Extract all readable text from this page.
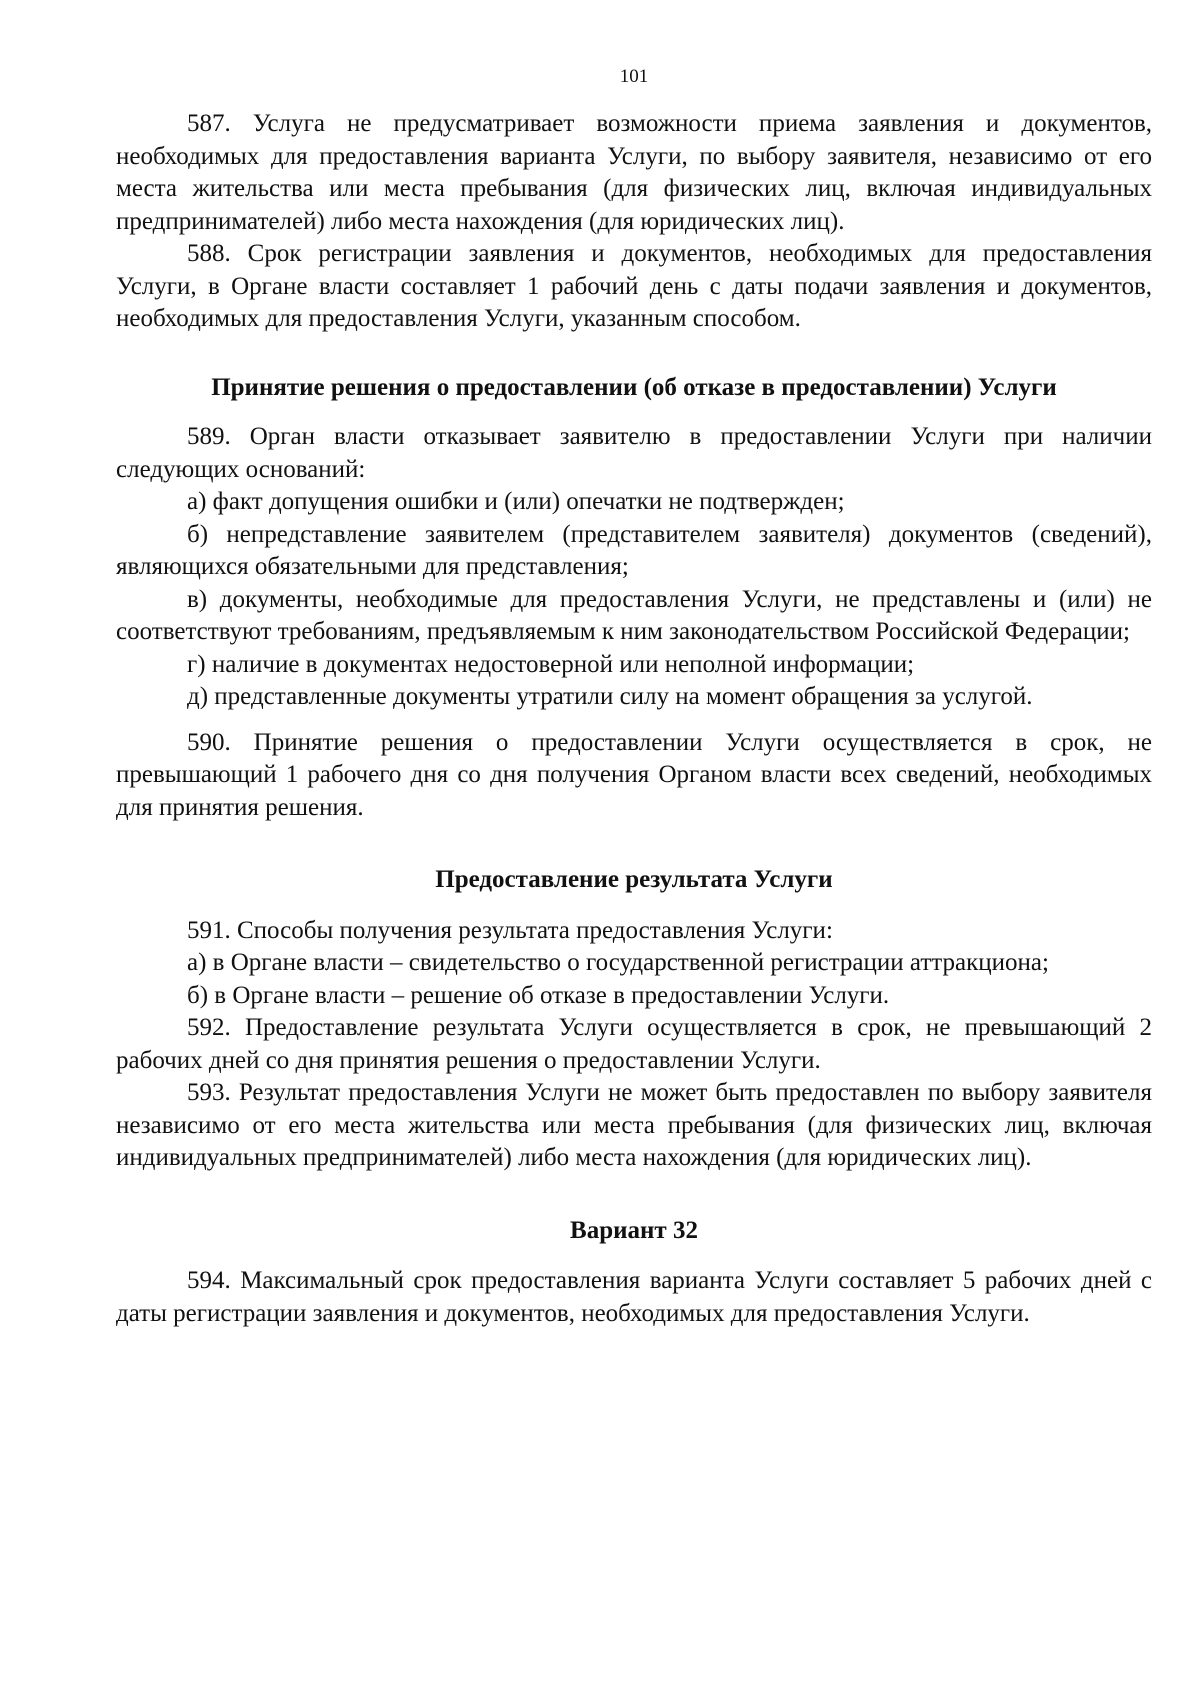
101

587. Услуга не предусматривает возможности приема заявления и документов, необходимых для предоставления варианта Услуги, по выбору заявителя, независимо от его места жительства или места пребывания (для физических лиц, включая индивидуальных предпринимателей) либо места нахождения (для юридических лиц).

588. Срок регистрации заявления и документов, необходимых для предоставления Услуги, в Органе власти составляет 1 рабочий день с даты подачи заявления и документов, необходимых для предоставления Услуги, указанным способом.

Принятие решения о предоставлении (об отказе в предоставлении) Услуги

589. Орган власти отказывает заявителю в предоставлении Услуги при наличии следующих оснований:

а) факт допущения ошибки и (или) опечатки не подтвержден;

б) непредставление заявителем (представителем заявителя) документов (сведений), являющихся обязательными для представления;

в) документы, необходимые для предоставления Услуги, не представлены и (или) не соответствуют требованиям, предъявляемым к ним законодательством Российской Федерации;

г) наличие в документах недостоверной или неполной информации;

д) представленные документы утратили силу на момент обращения за услугой.

590. Принятие решения о предоставлении Услуги осуществляется в срок, не превышающий 1 рабочего дня со дня получения Органом власти всех сведений, необходимых для принятия решения.

Предоставление результата Услуги

591. Способы получения результата предоставления Услуги:

а) в Органе власти – свидетельство о государственной регистрации аттракциона;

б) в Органе власти – решение об отказе в предоставлении Услуги.

592. Предоставление результата Услуги осуществляется в срок, не превышающий 2 рабочих дней со дня принятия решения о предоставлении Услуги.

593. Результат предоставления Услуги не может быть предоставлен по выбору заявителя независимо от его места жительства или места пребывания (для физических лиц, включая индивидуальных предпринимателей) либо места нахождения (для юридических лиц).

Вариант 32

594. Максимальный срок предоставления варианта Услуги составляет 5 рабочих дней с даты регистрации заявления и документов, необходимых для предоставления Услуги.
